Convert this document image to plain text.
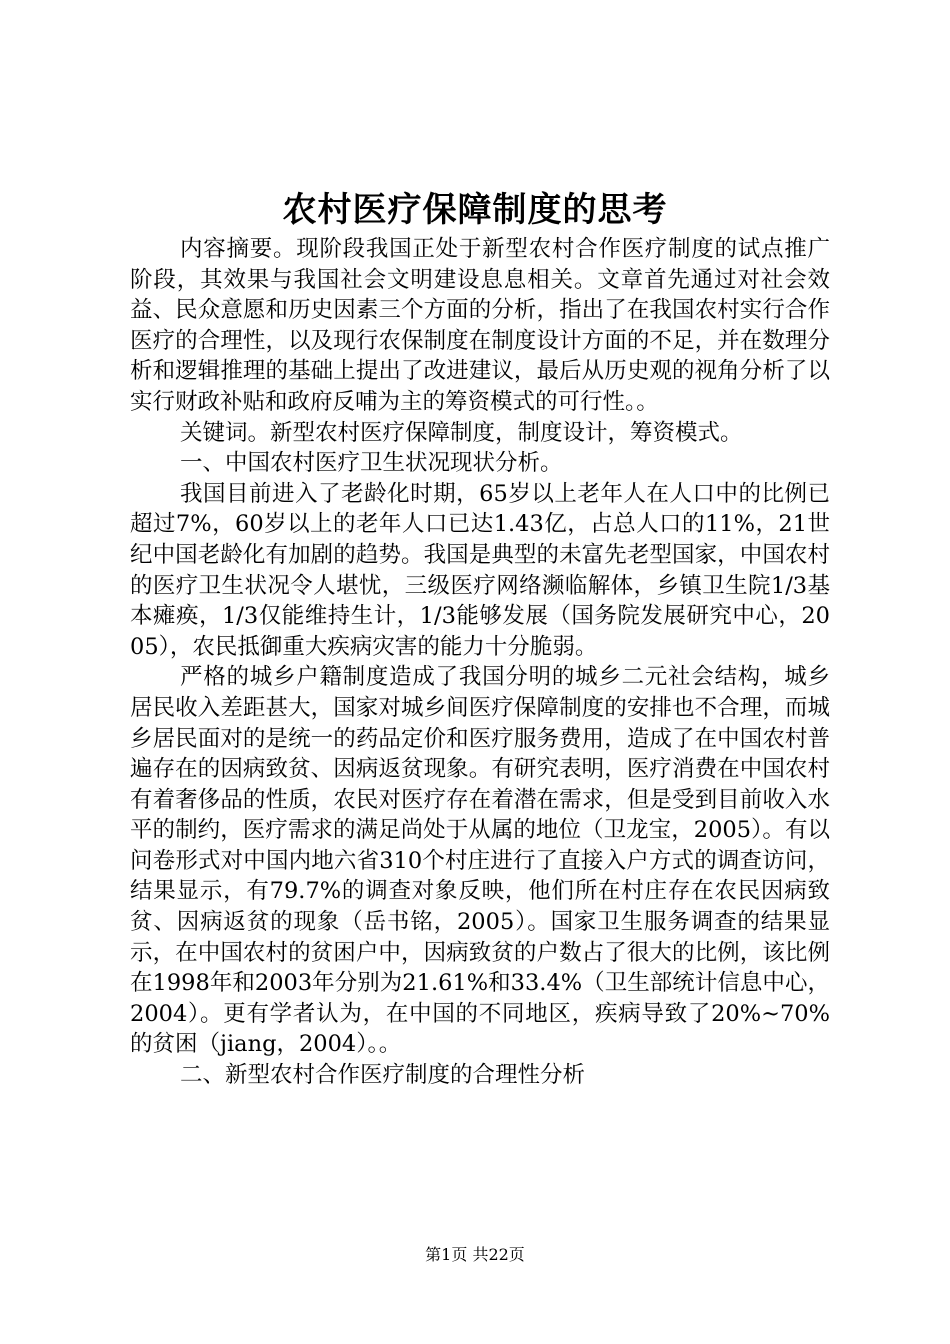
农村医疗保障制度的思考

内容摘要。现阶段我国正处于新型农村合作医疗制度的试点推广阶段，其效果与我国社会文明建设息息相关。文章首先通过对社会效益、民众意愿和历史因素三个方面的分析，指出了在我国农村实行合作医疗的合理性，以及现行农保制度在制度设计方面的不足，并在数理分析和逻辑推理的基础上提出了改进建议，最后从历史观的视角分析了以实行财政补贴和政府反哺为主的筹资模式的可行性。。

关键词。新型农村医疗保障制度，制度设计，筹资模式。

一、中国农村医疗卫生状况现状分析。

我国目前进入了老龄化时期，65岁以上老年人在人口中的比例已超过7%，60岁以上的老年人口已达1.43亿，占总人口的11%，21世纪中国老龄化有加剧的趋势。我国是典型的未富先老型国家，中国农村的医疗卫生状况令人堪忧，三级医疗网络濒临解体，乡镇卫生院1/3基本瘫痪，1/3仅能维持生计，1/3能够发展（国务院发展研究中心，2005），农民抵御重大疾病灾害的能力十分脆弱。

严格的城乡户籍制度造成了我国分明的城乡二元社会结构，城乡居民收入差距甚大，国家对城乡间医疗保障制度的安排也不合理，而城乡居民面对的是统一的药品定价和医疗服务费用，造成了在中国农村普遍存在的因病致贫、因病返贫现象。有研究表明，医疗消费在中国农村有着奢侈品的性质，农民对医疗存在着潜在需求，但是受到目前收入水平的制约，医疗需求的满足尚处于从属的地位（卫龙宝，2005）。有以问卷形式对中国内地六省310个村庄进行了直接入户方式的调查访问，结果显示，有79.7%的调查对象反映，他们所在村庄存在农民因病致贫、因病返贫的现象（岳书铭，2005）。国家卫生服务调查的结果显示，在中国农村的贫困户中，因病致贫的户数占了很大的比例，该比例在1998年和2003年分别为21.61%和33.4%（卫生部统计信息中心，2004）。更有学者认为，在中国的不同地区，疾病导致了20%~70%的贫困（jiang，2004）。。

二、新型农村合作医疗制度的合理性分析

第1页 共22页
